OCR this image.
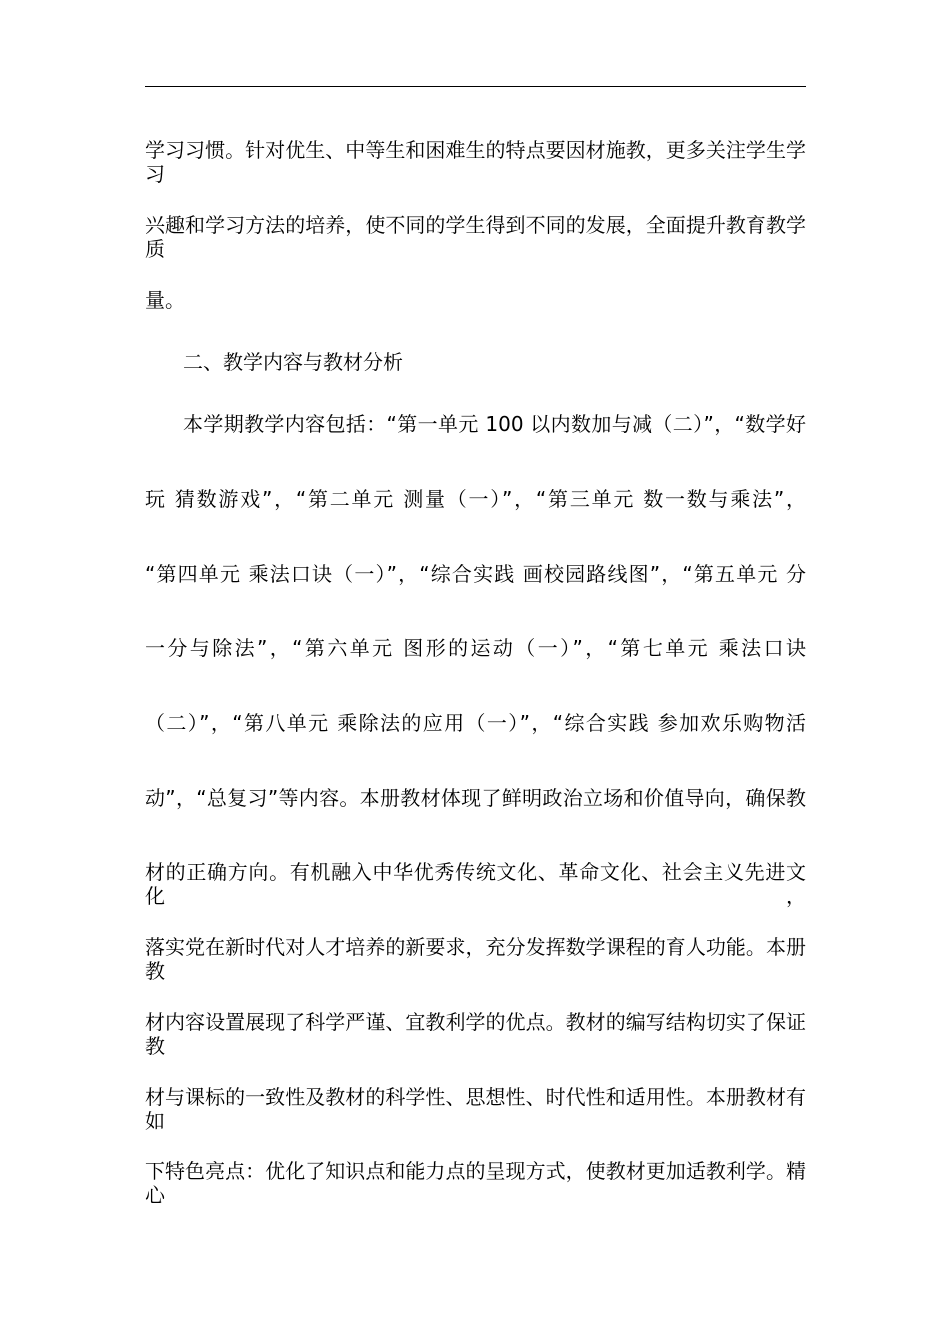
学习习惯。针对优生、中等生和困难生的特点要因材施教，更多关注学生学习
兴趣和学习方法的培养，使不同的学生得到不同的发展，全面提升教育教学质
量。
二、教学内容与教材分析
本学期教学内容包括：“第一单元 100 以内数加与减（二）”，“数学好
玩 猜数游戏”，“第二单元 测量（一）”，“第三单元 数一数与乘法”，
“第四单元 乘法口诀（一）”，“综合实践 画校园路线图”，“第五单元 分
一分与除法”，“第六单元 图形的运动（一）”，“第七单元 乘法口诀
（二）”，“第八单元 乘除法的应用（一）”，“综合实践 参加欢乐购物活
动”，“总复习”等内容。本册教材体现了鲜明政治立场和价值导向，确保教
材的正确方向。有机融入中华优秀传统文化、革命文化、社会主义先进文化，
落实党在新时代对人才培养的新要求，充分发挥数学课程的育人功能。本册教
材内容设置展现了科学严谨、宜教利学的优点。教材的编写结构切实了保证教
材与课标的一致性及教材的科学性、思想性、时代性和适用性。本册教材有如
下特色亮点：优化了知识点和能力点的呈现方式，使教材更加适教利学。精心
